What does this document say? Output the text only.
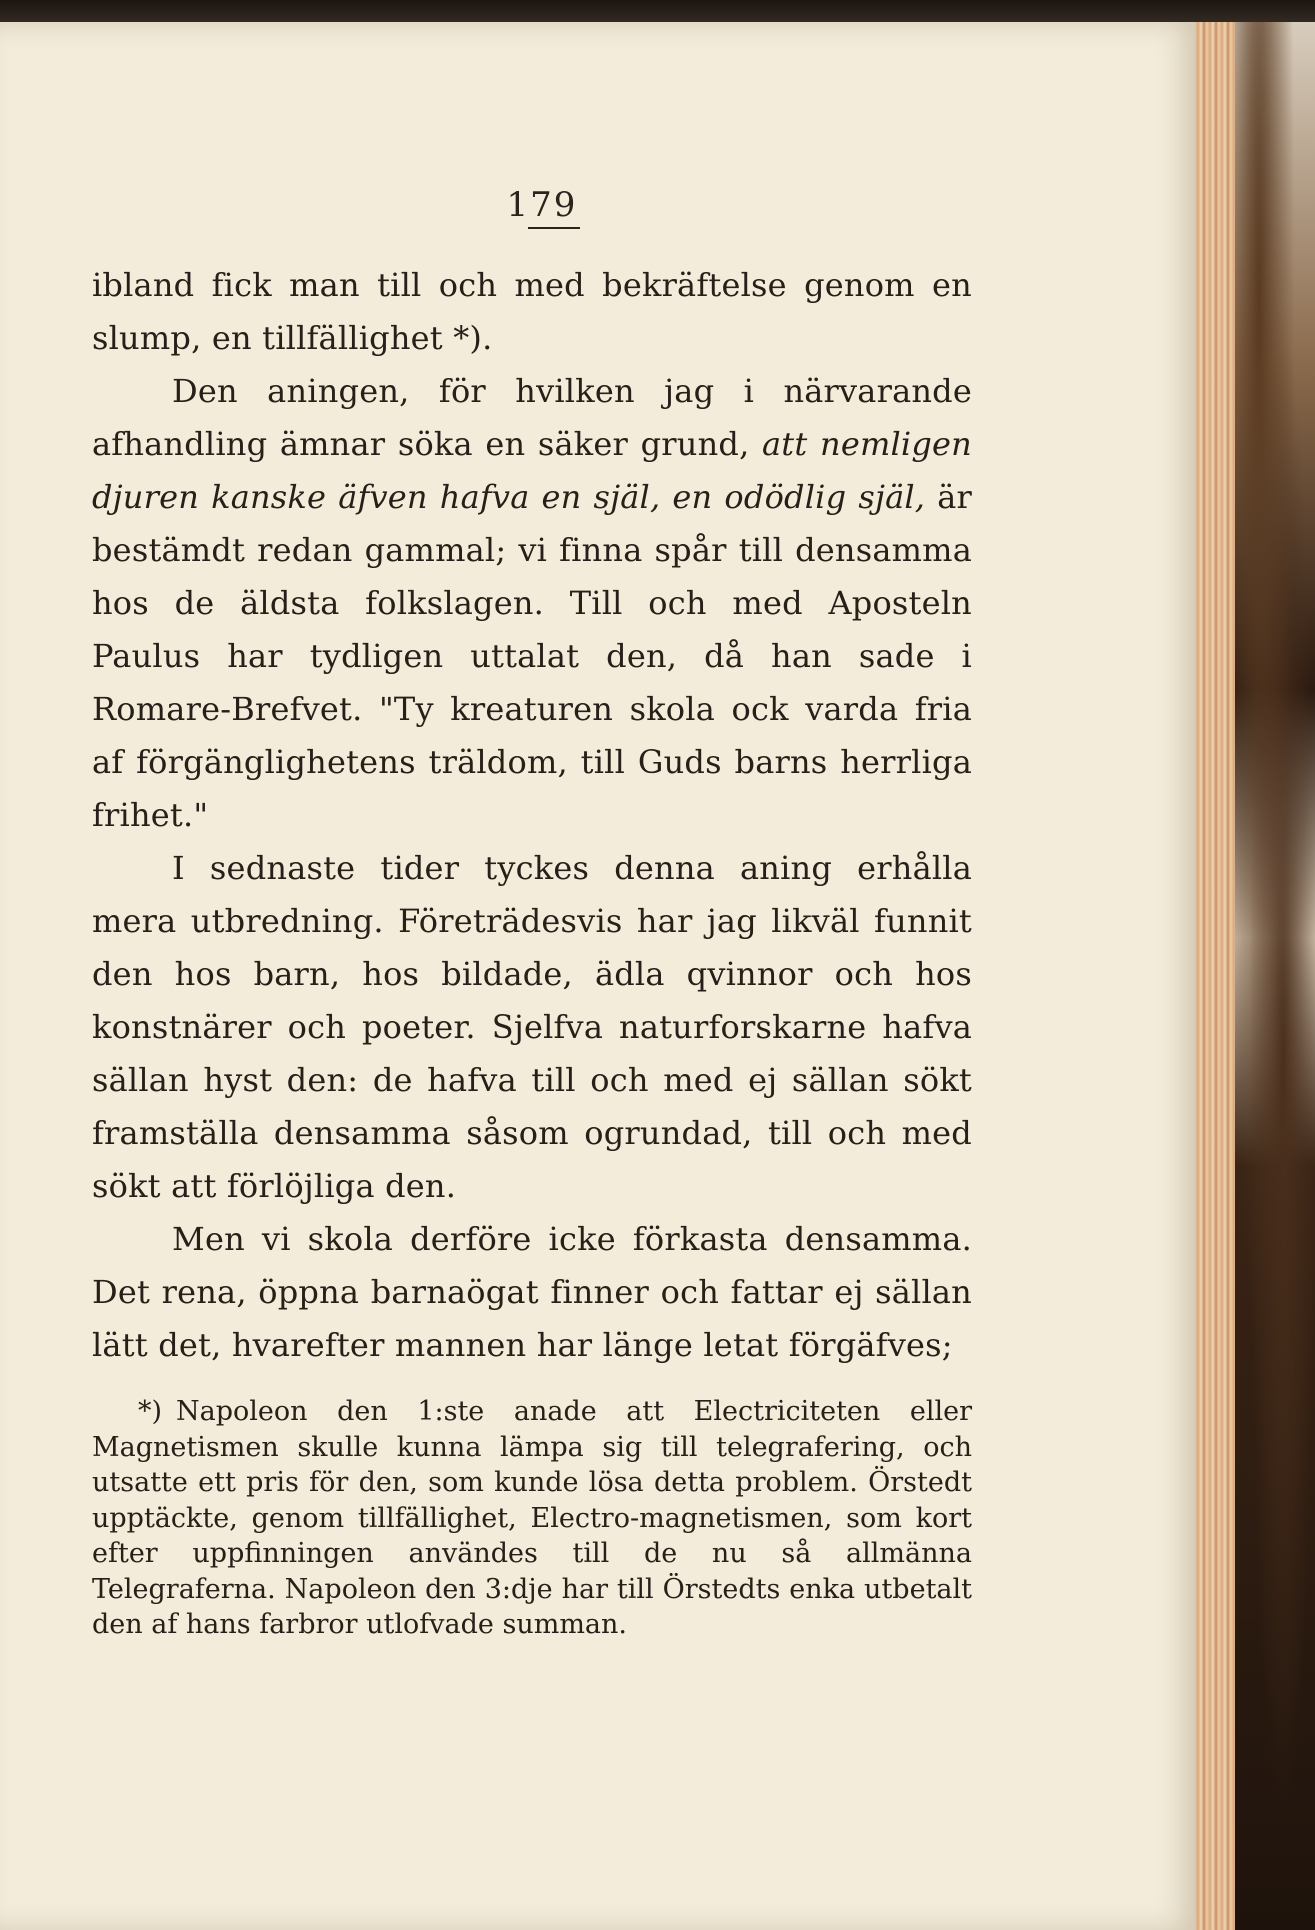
179

ibland fick man till och med bekräftelse genom en slump, en tillfällighet *).

Den aningen, för hvilken jag i närvarande afhandling ämnar söka en säker grund, att nemligen djuren kanske äfven hafva en själ, en odödlig själ, är bestämdt redan gammal; vi finna spår till densamma hos de äldsta folkslagen. Till och med Aposteln Paulus har tydligen uttalat den, då han sade i Romare-Brefvet. "Ty kreaturen skola ock varda fria af förgänglighetens träldom, till Guds barns herrliga frihet."

I sednaste tider tyckes denna aning erhålla mera utbredning. Företrädesvis har jag likväl funnit den hos barn, hos bildade, ädla qvinnor och hos konstnärer och poeter. Sjelfva naturforskarne hafva sällan hyst den: de hafva till och med ej sällan sökt framställa densamma såsom ogrundad, till och med sökt att förlöjliga den.

Men vi skola derföre icke förkasta densamma. Det rena, öppna barnaögat finner och fattar ej sällan lätt det, hvarefter mannen har länge letat förgäfves;

*) Napoleon den 1:ste anade att Electriciteten eller Magnetismen skulle kunna lämpa sig till telegrafering, och utsatte ett pris för den, som kunde lösa detta problem. Örstedt upptäckte, genom tillfällighet, Electro-magnetismen, som kort efter uppfinningen användes till de nu så allmänna Telegraferna. Napoleon den 3:dje har till Örstedts enka utbetalt den af hans farbror utlofvade summan.
